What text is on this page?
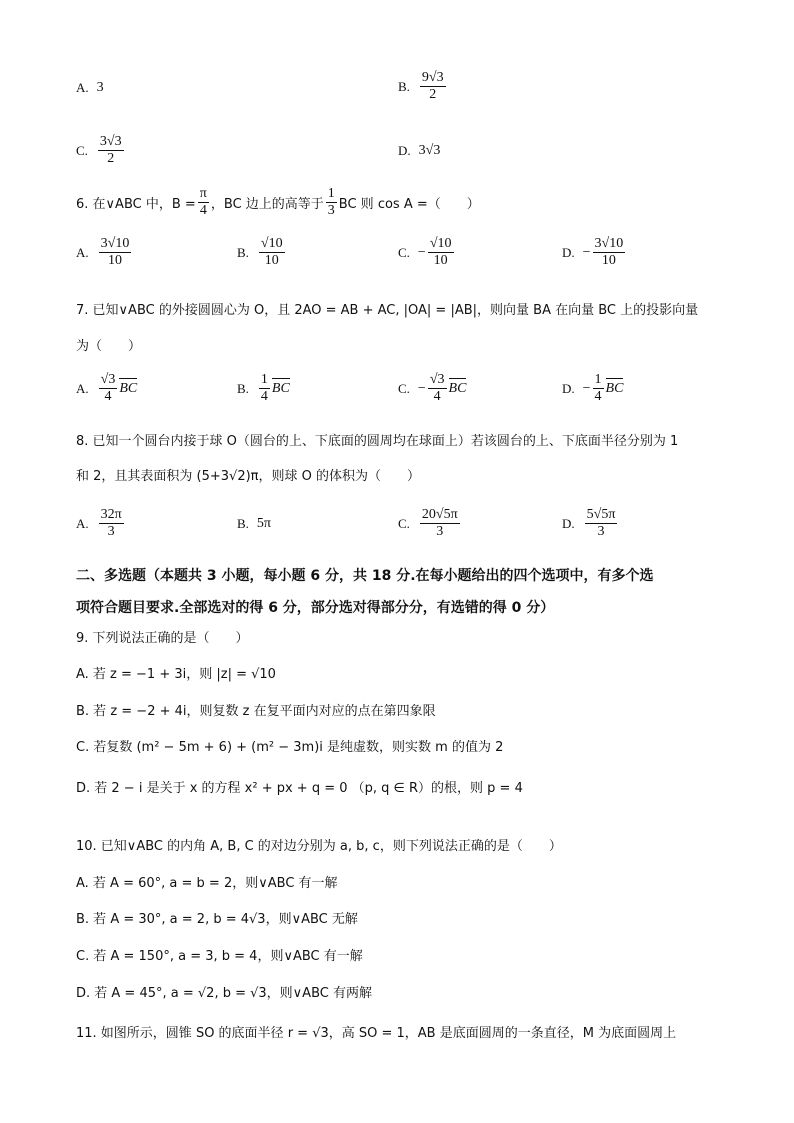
A. 3	B. $\frac{9√3}{2}$
C. $\frac{3√3}{2}$	D. 3√3
6. 在∨ABC 中，$B = \frac{\pi}{4}$ ，BC 边上的高等于 $\frac{1}{3}$ BC 则 cos A =（　　）
A. $\frac{3√10}{10}$	B. $\frac{√10}{10}$	C. − $\frac{√10}{10}$	D. − $\frac{3√10}{10}$
7. 已知∨ABC 的外接圆圆心为 O，且 2AO = AB + AC, |OA| = |AB|，则向量 BA 在向量 BC 上的投影向量
为（　　）
A. $\frac{√3}{4}$ BC	B. $\frac{1}{4}$ BC	C. − $\frac{√3}{4}$ BC	D. − $\frac{1}{4}$ BC
8. 已知一个圆台内接于球 O（圆台的上、下底面的圆周均在球面上）若该圆台的上、下底面半径分别为 1
和 2，且其表面积为 (5+3√2)π，则球 O 的体积为（　　）
A. $\frac{32\pi}{3}$	B. 5π	C. $\frac{20√5\pi}{3}$	D. $\frac{5√5\pi}{3}$
二、多选题（本题共 3 小题，每小题 6 分，共 18 分.在每小题给出的四个选项中，有多个选
项符合题目要求.全部选对的得 6 分，部分选对得部分分，有选错的得 0 分）
9. 下列说法正确的是（　　）
A. 若 z = −1 + 3i，则 |z| = √10
B. 若 z = −2 + 4i，则复数 z 在复平面内对应的点在第四象限
C. 若复数 (m² − 5m + 6) + (m² − 3m)i 是纯虚数，则实数 m 的值为 2
D. 若 2 − i 是关于 x 的方程 x² + px + q = 0 （p, q ∈ R）的根，则 p = 4
10. 已知∨ABC 的内角 A, B, C 的对边分别为 a, b, c，则下列说法正确的是（　　）
A. 若 A = 60°, a = b = 2，则∨ABC 有一解
B. 若 A = 30°, a = 2, b = 4√3，则∨ABC 无解
C. 若 A = 150°, a = 3, b = 4，则∨ABC 有一解
D. 若 A = 45°, a = √2, b = √3，则∨ABC 有两解
11. 如图所示，圆锥 SO 的底面半径 r = √3，高 SO = 1，AB 是底面圆周的一条直径，M 为底面圆周上
